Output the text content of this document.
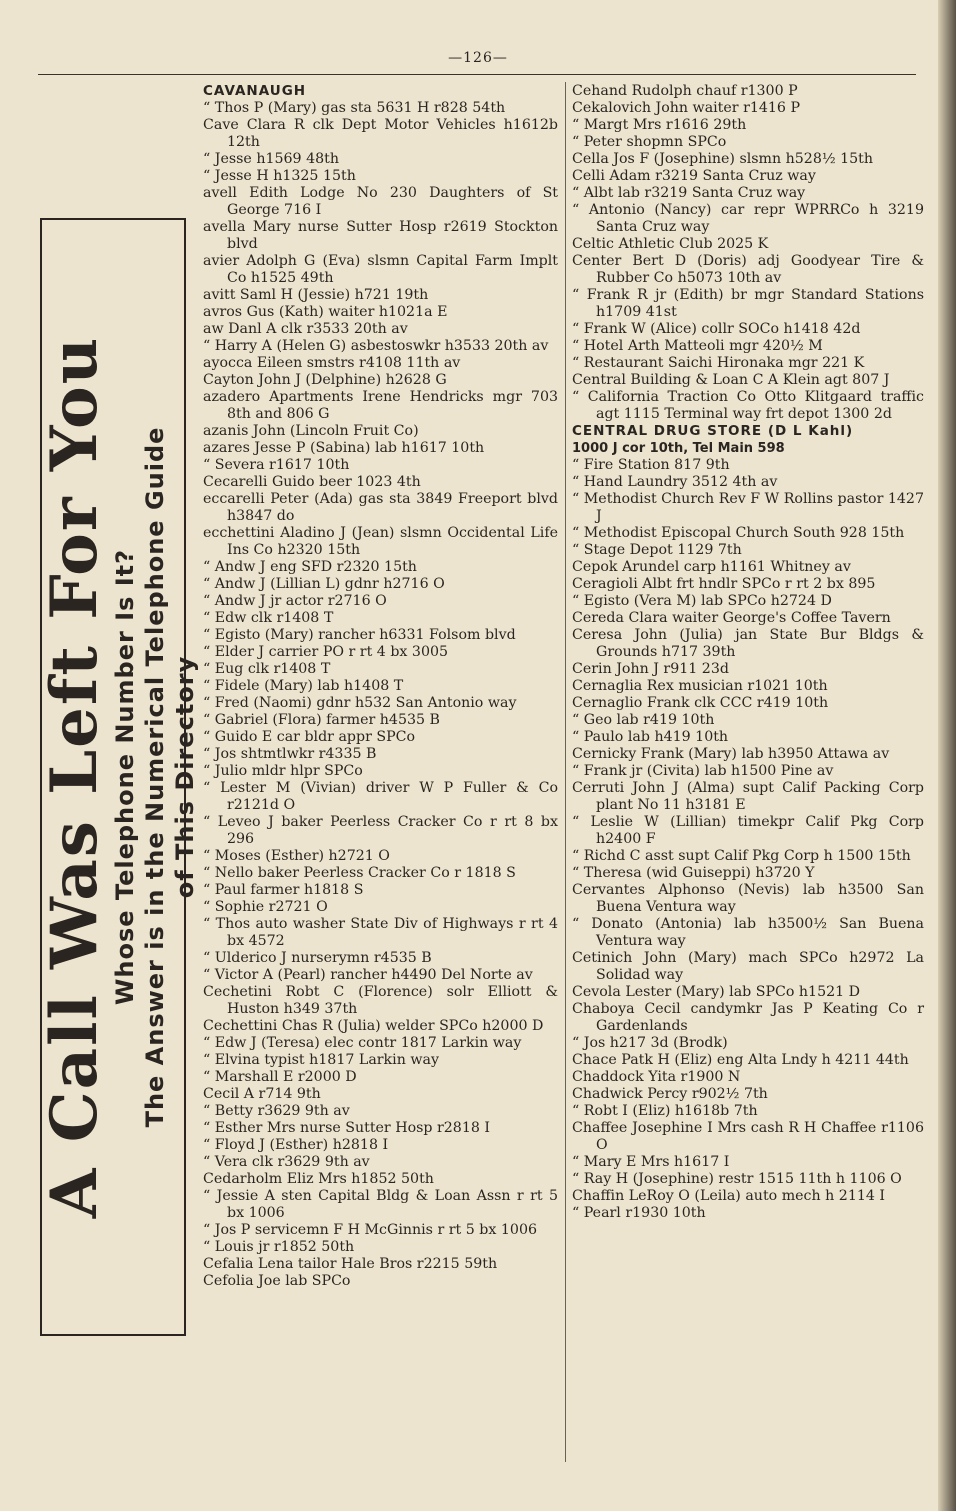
—126—
A Call Was Left For You Whose Telephone Number Is It? The Answer is in the Numerical Telephone Guide of This Directory
CAVANAUGH
“ Thos P (Mary) gas sta 5631 H r828 54th
Cave Clara R clk Dept Motor Vehicles h1612b 12th
“ Jesse h1569 48th
“ Jesse H h1325 15th
avell Edith Lodge No 230 Daughters of St George 716 I
avella Mary nurse Sutter Hosp r2619 Stockton blvd
avier Adolph G (Eva) slsmn Capital Farm Implt Co h1525 49th
avitt Saml H (Jessie) h721 19th
avros Gus (Kath) waiter h1021a E
aw Danl A clk r3533 20th av
“ Harry A (Helen G) asbestoswkr h3533 20th av
ayocca Eileen smstrs r4108 11th av
Cayton John J (Delphine) h2628 G
azadero Apartments Irene Hendricks mgr 703 8th and 806 G
azanis John (Lincoln Fruit Co)
azares Jesse P (Sabina) lab h1617 10th
“ Severa r1617 10th
Cecarelli Guido beer 1023 4th
eccarelli Peter (Ada) gas sta 3849 Freeport blvd h3847 do
ecchettini Aladino J (Jean) slsmn Occidental Life Ins Co h2320 15th
“ Andw J eng SFD r2320 15th
“ Andw J (Lillian L) gdnr h2716 O
“ Andw J jr actor r2716 O
“ Edw clk r1408 T
“ Egisto (Mary) rancher h6331 Folsom blvd
“ Elder J carrier PO r rt 4 bx 3005
“ Eug clk r1408 T
“ Fidele (Mary) lab h1408 T
“ Fred (Naomi) gdnr h532 San Antonio way
“ Gabriel (Flora) farmer h4535 B
“ Guido E car bldr appr SPCo
“ Jos shtmtlwkr r4335 B
“ Julio mldr hlpr SPCo
“ Lester M (Vivian) driver W P Fuller & Co r2121d O
“ Leveo J baker Peerless Cracker Co r rt 8 bx 296
“ Moses (Esther) h2721 O
“ Nello baker Peerless Cracker Co r 1818 S
“ Paul farmer h1818 S
“ Sophie r2721 O
“ Thos auto washer State Div of Highways r rt 4 bx 4572
“ Ulderico J nurserymn r4535 B
“ Victor A (Pearl) rancher h4490 Del Norte av
Cechetini Robt C (Florence) solr Elliott & Huston h349 37th
Cechettini Chas R (Julia) welder SPCo h2000 D
“ Edw J (Teresa) elec contr 1817 Larkin way
“ Elvina typist h1817 Larkin way
“ Marshall E r2000 D
Cecil A r714 9th
“ Betty r3629 9th av
“ Esther Mrs nurse Sutter Hosp r2818 I
“ Floyd J (Esther) h2818 I
“ Vera clk r3629 9th av
Cedarholm Eliz Mrs h1852 50th
“ Jessie A sten Capital Bldg & Loan Assn r rt 5 bx 1006
“ Jos P servicemn F H McGinnis r rt 5 bx 1006
“ Louis jr r1852 50th
Cefalia Lena tailor Hale Bros r2215 59th
Cefolia Joe lab SPCo
Cehand Rudolph chauf r1300 P
Cekalovich John waiter r1416 P
“ Margt Mrs r1616 29th
“ Peter shopmn SPCo
Cella Jos F (Josephine) slsmn h528½ 15th
Celli Adam r3219 Santa Cruz way
“ Albt lab r3219 Santa Cruz way
“ Antonio (Nancy) car repr WPRRCo h 3219 Santa Cruz way
Celtic Athletic Club 2025 K
Center Bert D (Doris) adj Goodyear Tire & Rubber Co h5073 10th av
“ Frank R jr (Edith) br mgr Standard Stations h1709 41st
“ Frank W (Alice) collr SOCo h1418 42d
“ Hotel Arth Matteoli mgr 420½ M
“ Restaurant Saichi Hironaka mgr 221 K
Central Building & Loan C A Klein agt 807 J
“ California Traction Co Otto Klitgaard traffic agt 1115 Terminal way frt depot 1300 2d
CENTRAL DRUG STORE (D L Kahl)
1000 J cor 10th, Tel Main 598
“ Fire Station 817 9th
“ Hand Laundry 3512 4th av
“ Methodist Church Rev F W Rollins pastor 1427 J
“ Methodist Episcopal Church South 928 15th
“ Stage Depot 1129 7th
Cepok Arundel carp h1161 Whitney av
Ceragioli Albt frt hndlr SPCo r rt 2 bx 895
“ Egisto (Vera M) lab SPCo h2724 D
Cereda Clara waiter George's Coffee Tavern
Ceresa John (Julia) jan State Bur Bldgs & Grounds h717 39th
Cerin John J r911 23d
Cernaglia Rex musician r1021 10th
Cernaglio Frank clk CCC r419 10th
“ Geo lab r419 10th
“ Paulo lab h419 10th
Cernicky Frank (Mary) lab h3950 Attawa av
“ Frank jr (Civita) lab h1500 Pine av
Cerruti John J (Alma) supt Calif Packing Corp plant No 11 h3181 E
“ Leslie W (Lillian) timekpr Calif Pkg Corp h2400 F
“ Richd C asst supt Calif Pkg Corp h 1500 15th
“ Theresa (wid Guiseppi) h3720 Y
Cervantes Alphonso (Nevis) lab h3500 San Buena Ventura way
“ Donato (Antonia) lab h3500½ San Buena Ventura way
Cetinich John (Mary) mach SPCo h2972 La Solidad way
Cevola Lester (Mary) lab SPCo h1521 D
Chaboya Cecil candymkr Jas P Keating Co r Gardenlands
“ Jos h217 3d (Brodk)
Chace Patk H (Eliz) eng Alta Lndy h 4211 44th
Chaddock Yita r1900 N
Chadwick Percy r902½ 7th
“ Robt I (Eliz) h1618b 7th
Chaffee Josephine I Mrs cash R H Chaffee r1106 O
“ Mary E Mrs h1617 I
“ Ray H (Josephine) restr 1515 11th h 1106 O
Chaffin LeRoy O (Leila) auto mech h 2114 I
“ Pearl r1930 10th
